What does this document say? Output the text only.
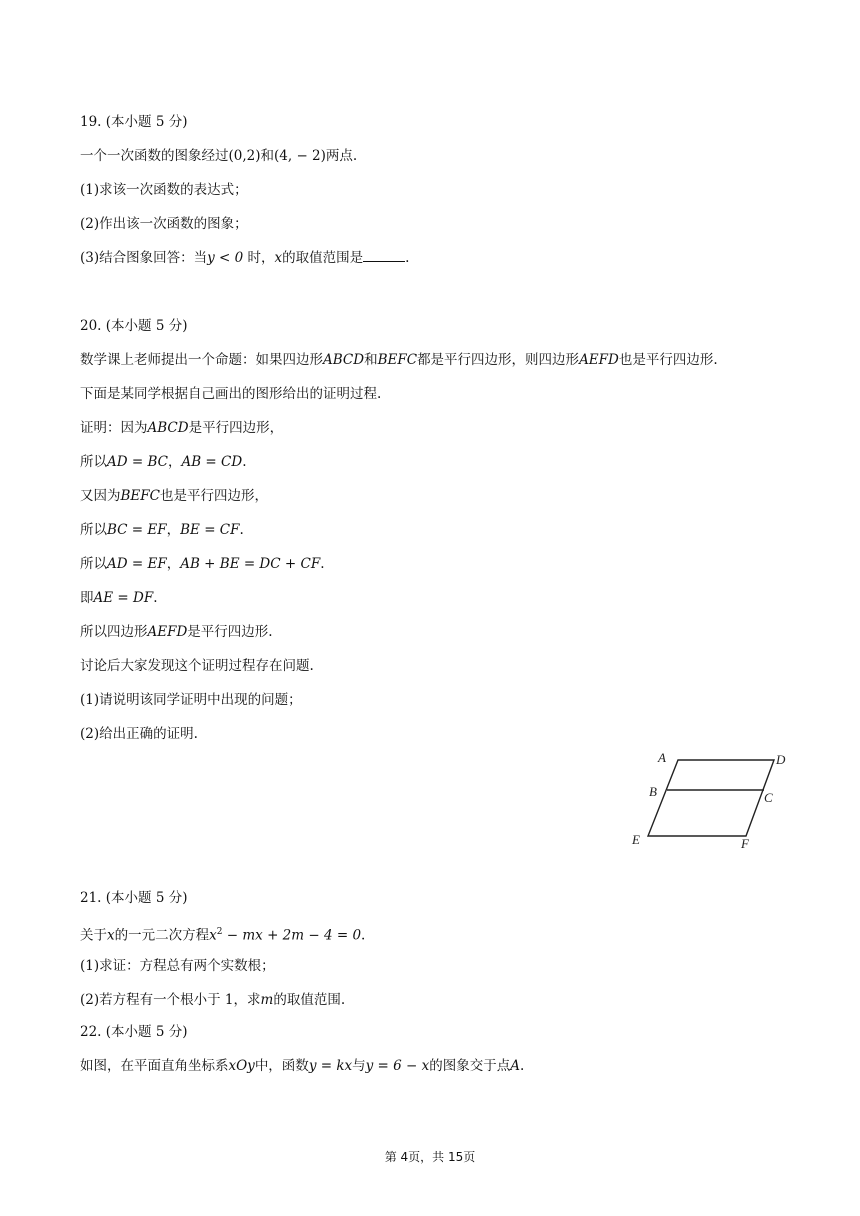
19. (本小题 5 分)
一个一次函数的图象经过(0,2)和(4, − 2)两点.
(1)求该一次函数的表达式；
(2)作出该一次函数的图象；
(3)结合图象回答：当y < 0 时，x的取值范围是	.
20. (本小题 5 分)
数学课上老师提出一个命题：如果四边形ABCD和BEFC都是平行四边形，则四边形AEFD也是平行四边形.
下面是某同学根据自己画出的图形给出的证明过程.
证明：因为ABCD是平行四边形，
所以AD = BC，AB = CD.
又因为BEFC也是平行四边形，
所以BC = EF，BE = CF.
所以AD = EF，AB + BE = DC + CF.
即AE = DF.
所以四边形AEFD是平行四边形.
讨论后大家发现这个证明过程存在问题.
(1)请说明该同学证明中出现的问题；
(2)给出正确的证明.
A	D
B	C
E	F
21. (本小题 5 分)
关于x的一元二次方程$x^2$ − mx + 2m − 4 = 0.
(1)求证：方程总有两个实数根；
(2)若方程有一个根小于 1，求m的取值范围.
22. (本小题 5 分)
如图，在平面直角坐标系xOy中，函数y = kx与y = 6 − x的图象交于点A.
第 4页，共 15页
